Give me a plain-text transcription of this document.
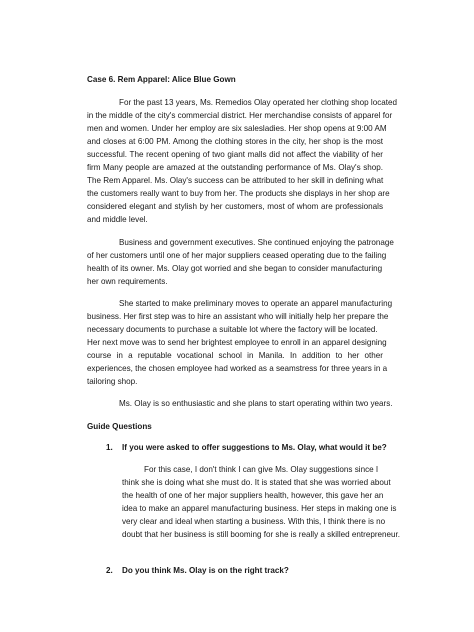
Case 6. Rem Apparel: Alice Blue Gown

For the past 13 years, Ms. Remedios Olay operated her clothing shop located

in the middle of the city's commercial district. Her merchandise consists of apparel for

men and women. Under her employ are six salesladies. Her shop opens at 9:00 AM

and closes at 6:00 PM. Among the clothing stores in the city, her shop is the most

successful. The recent opening of two giant malls did not affect the viability of her

firm Many people are amazed at the outstanding performance of Ms. Olay's shop.

The Rem Apparel. Ms. Olay's success can be attributed to her skill in defining what

the customers really want to buy from her. The products she displays in her shop are

considered elegant and stylish by her customers, most of whom are professionals

and middle level.

Business and government executives. She continued enjoying the patronage

of her customers until one of her major suppliers ceased operating due to the failing

health of its owner. Ms. Olay got worried and she began to consider manufacturing

her own requirements.

She started to make preliminary moves to operate an apparel manufacturing

business. Her first step was to hire an assistant who will initially help her prepare the

necessary documents to purchase a suitable lot where the factory will be located.

Her next move was to send her brightest employee to enroll in an apparel designing

course in a reputable vocational school in Manila. In addition to her other

experiences, the chosen employee had worked as a seamstress for three years in a

tailoring shop.

Ms. Olay is so enthusiastic and she plans to start operating within two years.

Guide Questions

1. If you were asked to offer suggestions to Ms. Olay, what would it be?

For this case, I don't think I can give Ms. Olay suggestions since I

think she is doing what she must do. It is stated that she was worried about

the health of one of her major suppliers health, however, this gave her an

idea to make an apparel manufacturing business. Her steps in making one is

very clear and ideal when starting a business. With this, I think there is no

doubt that her business is still booming for she is really a skilled entrepreneur.

2. Do you think Ms. Olay is on the right track?
